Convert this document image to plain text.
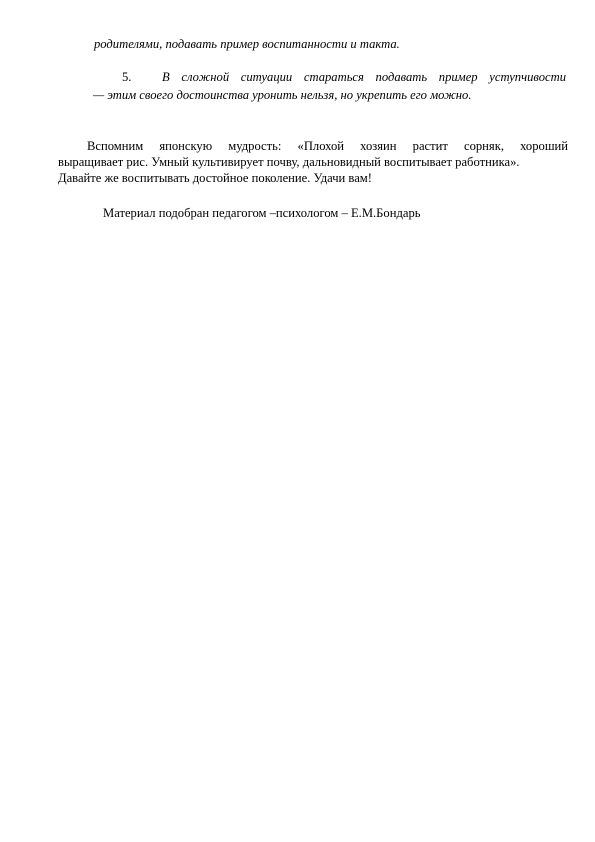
родителями, подавать пример воспитанности и такта.
5. В сложной ситуации стараться подавать пример уступчивости
— этим своего достоинства уронить нельзя, но укрепить его можно.
Вспомним японскую мудрость: «Плохой хозяин растит сорняк, хороший
выращивает рис. Умный культивирует почву, дальновидный воспитывает работника».
Давайте же воспитывать достойное поколение. Удачи вам!
Материал подобран педагогом –психологом – Е.М.Бондарь
